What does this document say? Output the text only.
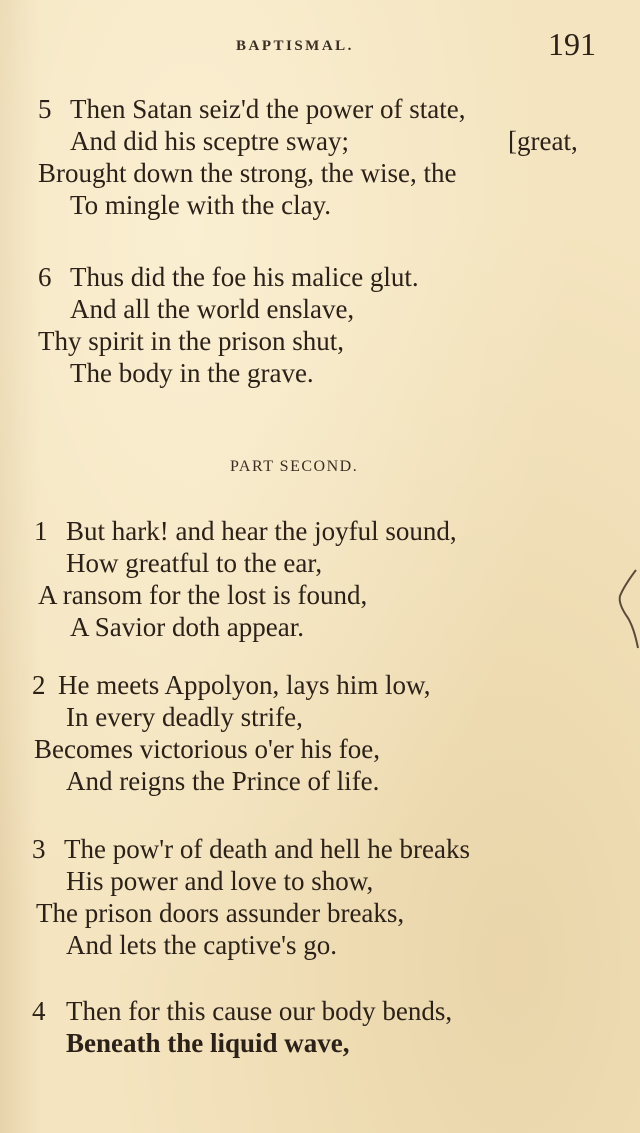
BAPTISMAL.	191
5 Then Satan seiz'd the power of state,
And did his sceptre sway;	[great,
Brought down the strong, the wise, the
To mingle with the clay.
6 Thus did the foe his malice glut.
And all the world enslave,
Thy spirit in the prison shut,
The body in the grave.
PART SECOND.
1 But hark! and hear the joyful sound,
How greatful to the ear,
A ransom for the lost is found,
A Savior doth appear.
2 He meets Appolyon, lays him low,
In every deadly strife,
Becomes victorious o'er his foe,
And reigns the Prince of life.
3 The pow'r of death and hell he breaks
His power and love to show,
The prison doors assunder breaks,
And lets the captive's go.
4 Then for this cause our body bends,
Beneath the liquid wave,
